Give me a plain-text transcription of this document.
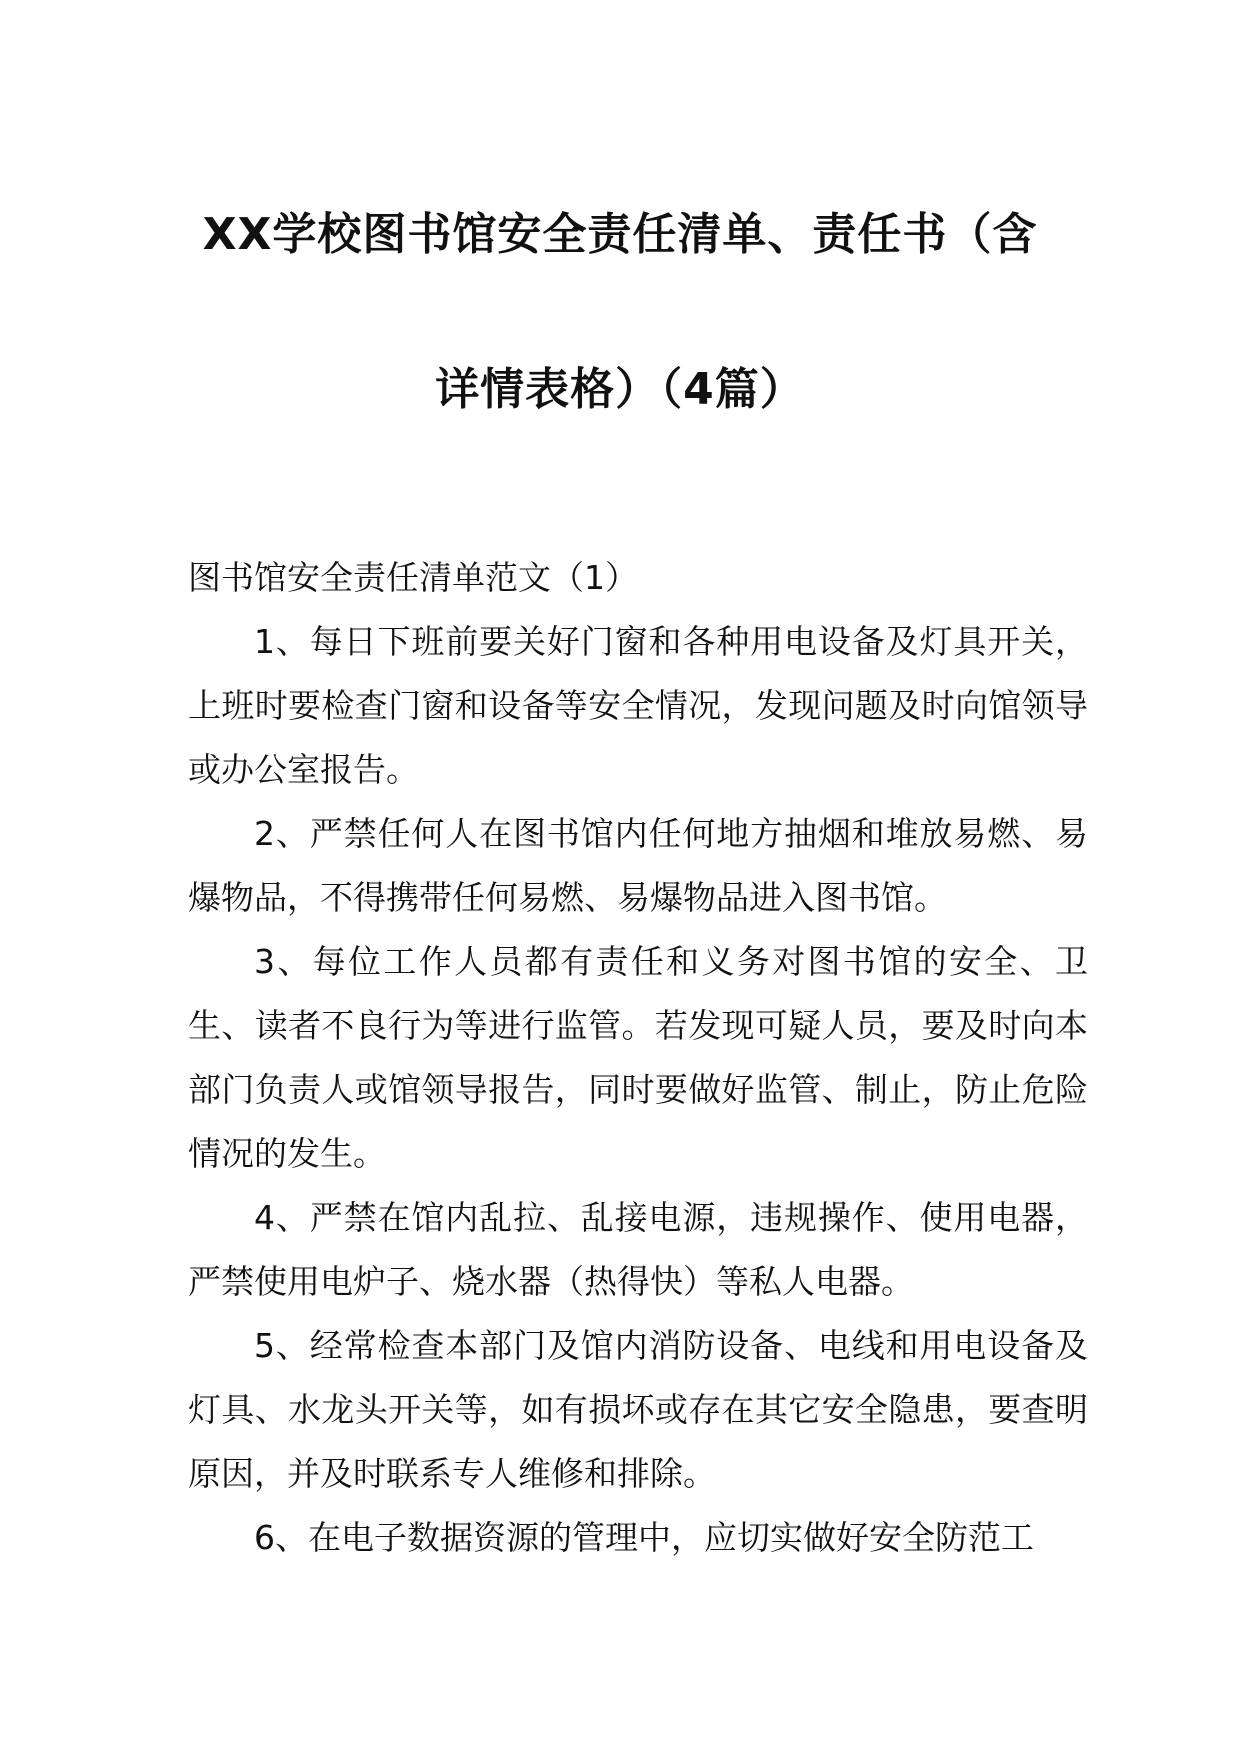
XX学校图书馆安全责任清单、责任书（含
详情表格）（4篇）

图书馆安全责任清单范文（1）

1、每日下班前要关好门窗和各种用电设备及灯具开关，上班时要检查门窗和设备等安全情况，发现问题及时向馆领导或办公室报告。

2、严禁任何人在图书馆内任何地方抽烟和堆放易燃、易爆物品，不得携带任何易燃、易爆物品进入图书馆。

3、每位工作人员都有责任和义务对图书馆的安全、卫生、读者不良行为等进行监管。若发现可疑人员，要及时向本部门负责人或馆领导报告，同时要做好监管、制止，防止危险情况的发生。

4、严禁在馆内乱拉、乱接电源，违规操作、使用电器，严禁使用电炉子、烧水器（热得快）等私人电器。

5、经常检查本部门及馆内消防设备、电线和用电设备及灯具、水龙头开关等，如有损坏或存在其它安全隐患，要查明原因，并及时联系专人维修和排除。

6、在电子数据资源的管理中，应切实做好安全防范工
